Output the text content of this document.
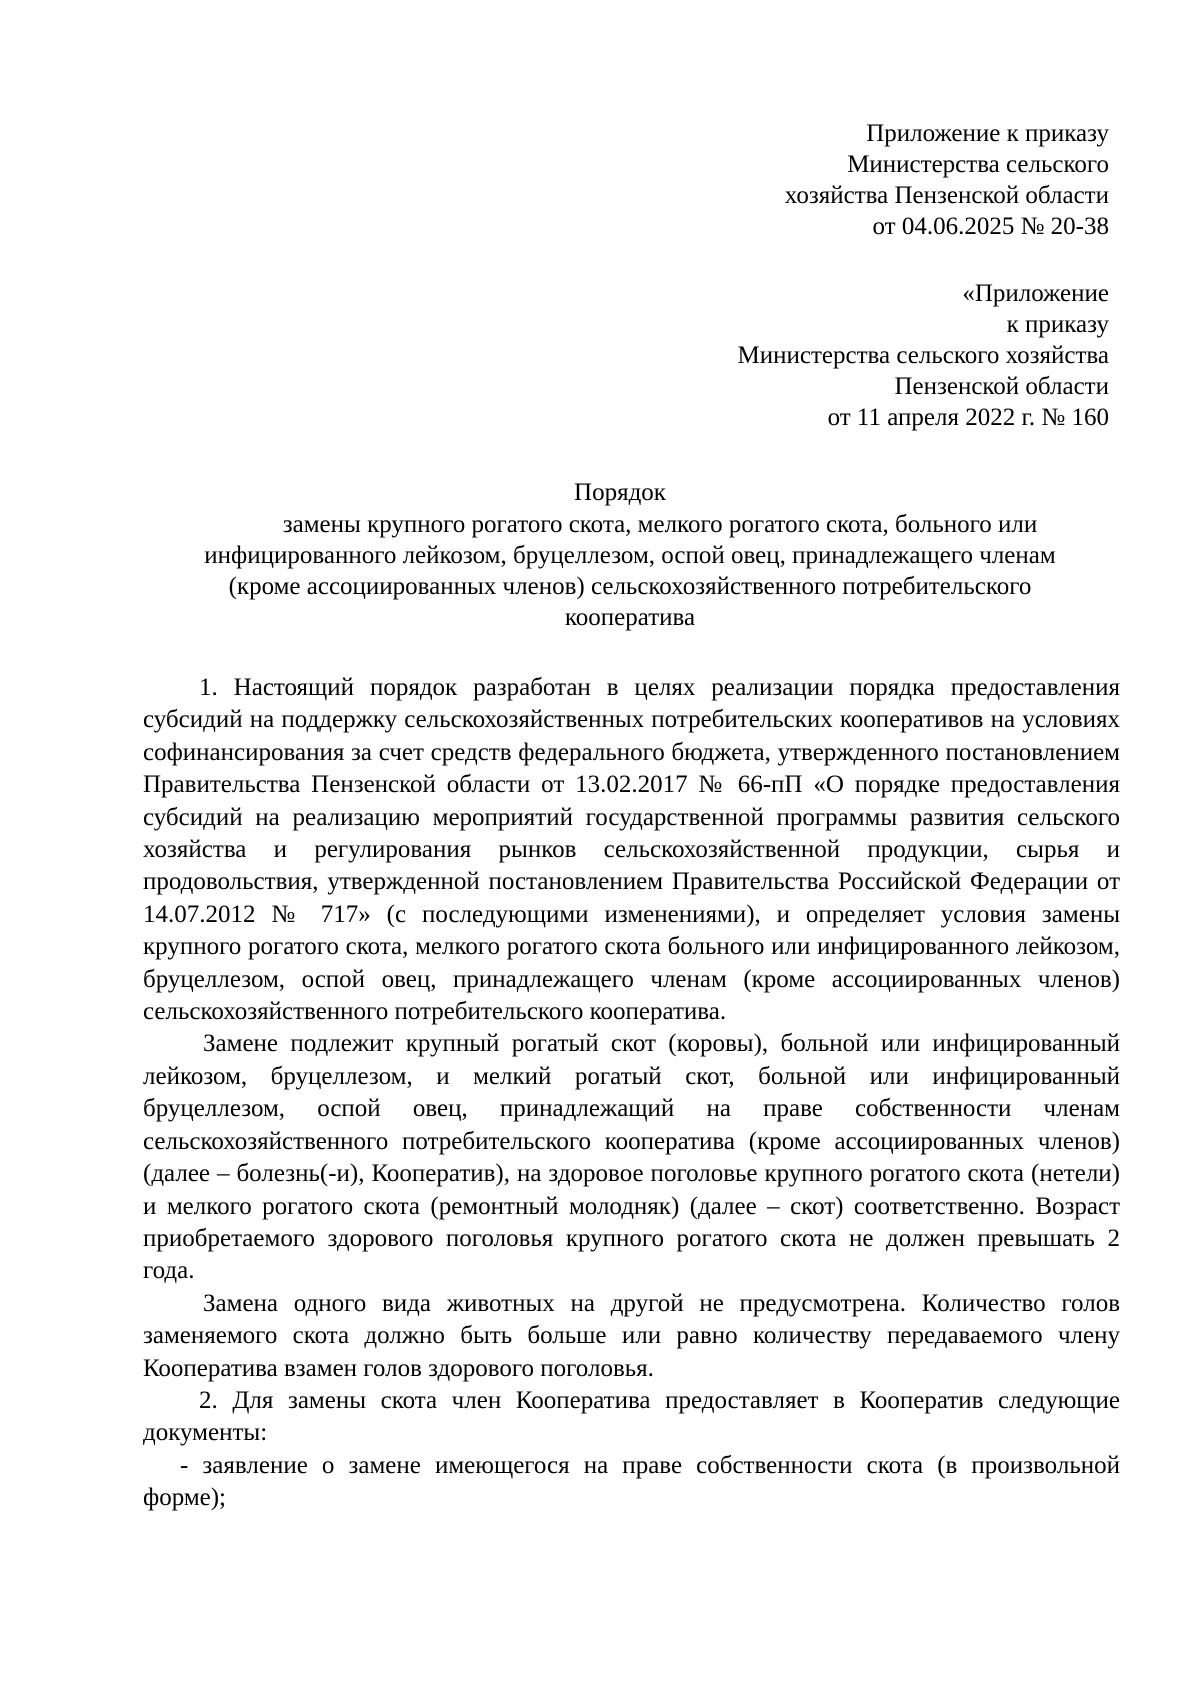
Приложение к приказу
Министерства сельского
хозяйства Пензенской области
от 04.06.2025 № 20-38
«Приложение
к приказу
Министерства сельского хозяйства
Пензенской области
от 11 апреля 2022 г. № 160
Порядок
замены крупного рогатого скота, мелкого рогатого скота, больного или
инфицированного лейкозом, бруцеллезом, оспой овец, принадлежащего членам
(кроме ассоциированных членов) сельскохозяйственного потребительского
кооператива

1. Настоящий порядок разработан в целях реализации порядка предоставления субсидий на поддержку сельскохозяйственных потребительских кооперативов на условиях софинансирования за счет средств федерального бюджета, утвержденного постановлением Правительства Пензенской области от 13.02.2017 № 66-пП «О порядке предоставления субсидий на реализацию мероприятий государственной программы развития сельского хозяйства и регулирования рынков сельскохозяйственной продукции, сырья и продовольствия, утвержденной постановлением Правительства Российской Федерации от 14.07.2012 № 717» (с последующими изменениями), и определяет условия замены крупного рогатого скота, мелкого рогатого скота больного или инфицированного лейкозом, бруцеллезом, оспой овец, принадлежащего членам (кроме ассоциированных членов) сельскохозяйственного потребительского кооператива.

Замене подлежит крупный рогатый скот (коровы), больной или инфицированный лейкозом, бруцеллезом, и мелкий рогатый скот, больной или инфицированный бруцеллезом, оспой овец, принадлежащий на праве собственности членам сельскохозяйственного потребительского кооператива (кроме ассоциированных членов) (далее – болезнь(-и), Кооператив), на здоровое поголовье крупного рогатого скота (нетели) и мелкого рогатого скота (ремонтный молодняк) (далее – скот) соответственно. Возраст приобретаемого здорового поголовья крупного рогатого скота не должен превышать 2 года.

Замена одного вида животных на другой не предусмотрена. Количество голов заменяемого скота должно быть больше или равно количеству передаваемого члену Кооператива взамен голов здорового поголовья.

2. Для замены скота член Кооператива предоставляет в Кооператив следующие документы:

- заявление о замене имеющегося на праве собственности скота (в произвольной форме);
